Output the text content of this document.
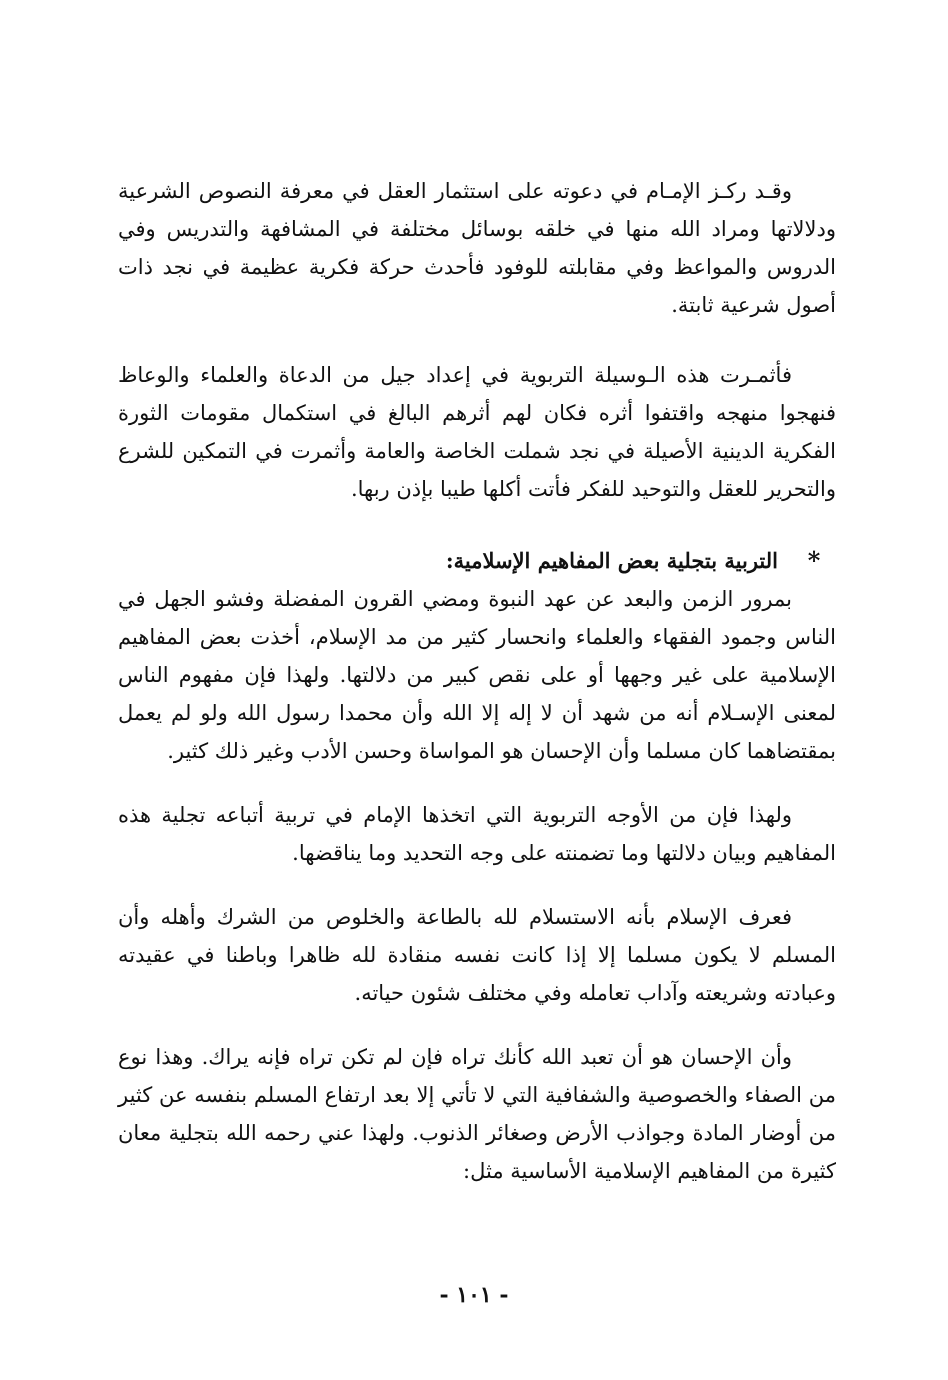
وقـد ركـز الإمـام في دعوته على استثمار العقل في معرفة النصوص الشرعية ودلالاتها ومراد الله منها في خلقه بوسائل مختلفة في المشافهة والتدريس وفي الدروس والمواعظ وفي مقابلته للوفود فأحدث حركة فكرية عظيمة في نجد ذات أصول شرعية ثابتة.

فأثمـرت هذه الـوسيلة التربوية في إعداد جيل من الدعاة والعلماء والوعاظ فنهجوا منهجه واقتفوا أثره فكان لهم أثرهم البالغ في استكمال مقومات الثورة الفكرية الدينية الأصيلة في نجد شملت الخاصة والعامة وأثمرت في التمكين للشرع والتحرير للعقل والتوحيد للفكر فأتت أكلها طيبا بإذن ربها.

*
التربية بتجلية بعض المفاهيم الإسلامية:

بمرور الزمن والبعد عن عهد النبوة ومضي القرون المفضلة وفشو الجهل في الناس وجمود الفقهاء والعلماء وانحسار كثير من مد الإسلام، أخذت بعض المفاهيم الإسلامية على غير وجهها أو على نقص كبير من دلالتها. ولهذا فإن مفهوم الناس لمعنى الإسـلام أنه من شهد أن لا إله إلا الله وأن محمدا رسول الله ولو لم يعمل بمقتضاهما كان مسلما وأن الإحسان هو المواساة وحسن الأدب وغير ذلك كثير.

ولهذا فإن من الأوجه التربوية التي اتخذها الإمام في تربية أتباعه تجلية هذه المفاهيم وبيان دلالتها وما تضمنته على وجه التحديد وما يناقضها.

فعرف الإسلام بأنه الاستسلام لله بالطاعة والخلوص من الشرك وأهله وأن المسلم لا يكون مسلما إلا إذا كانت نفسه منقادة لله ظاهرا وباطنا في عقيدته وعبادته وشريعته وآداب تعامله وفي مختلف شئون حياته.

وأن الإحسان هو أن تعبد الله كأنك تراه فإن لم تكن تراه فإنه يراك. وهذا نوع من الصفاء والخصوصية والشفافية التي لا تأتي إلا بعد ارتفاع المسلم بنفسه عن كثير من أوضار المادة وجواذب الأرض وصغائر الذنوب. ولهذا عني رحمه الله بتجلية معان كثيرة من المفاهيم الإسلامية الأساسية مثل:

- ١٠١ -
